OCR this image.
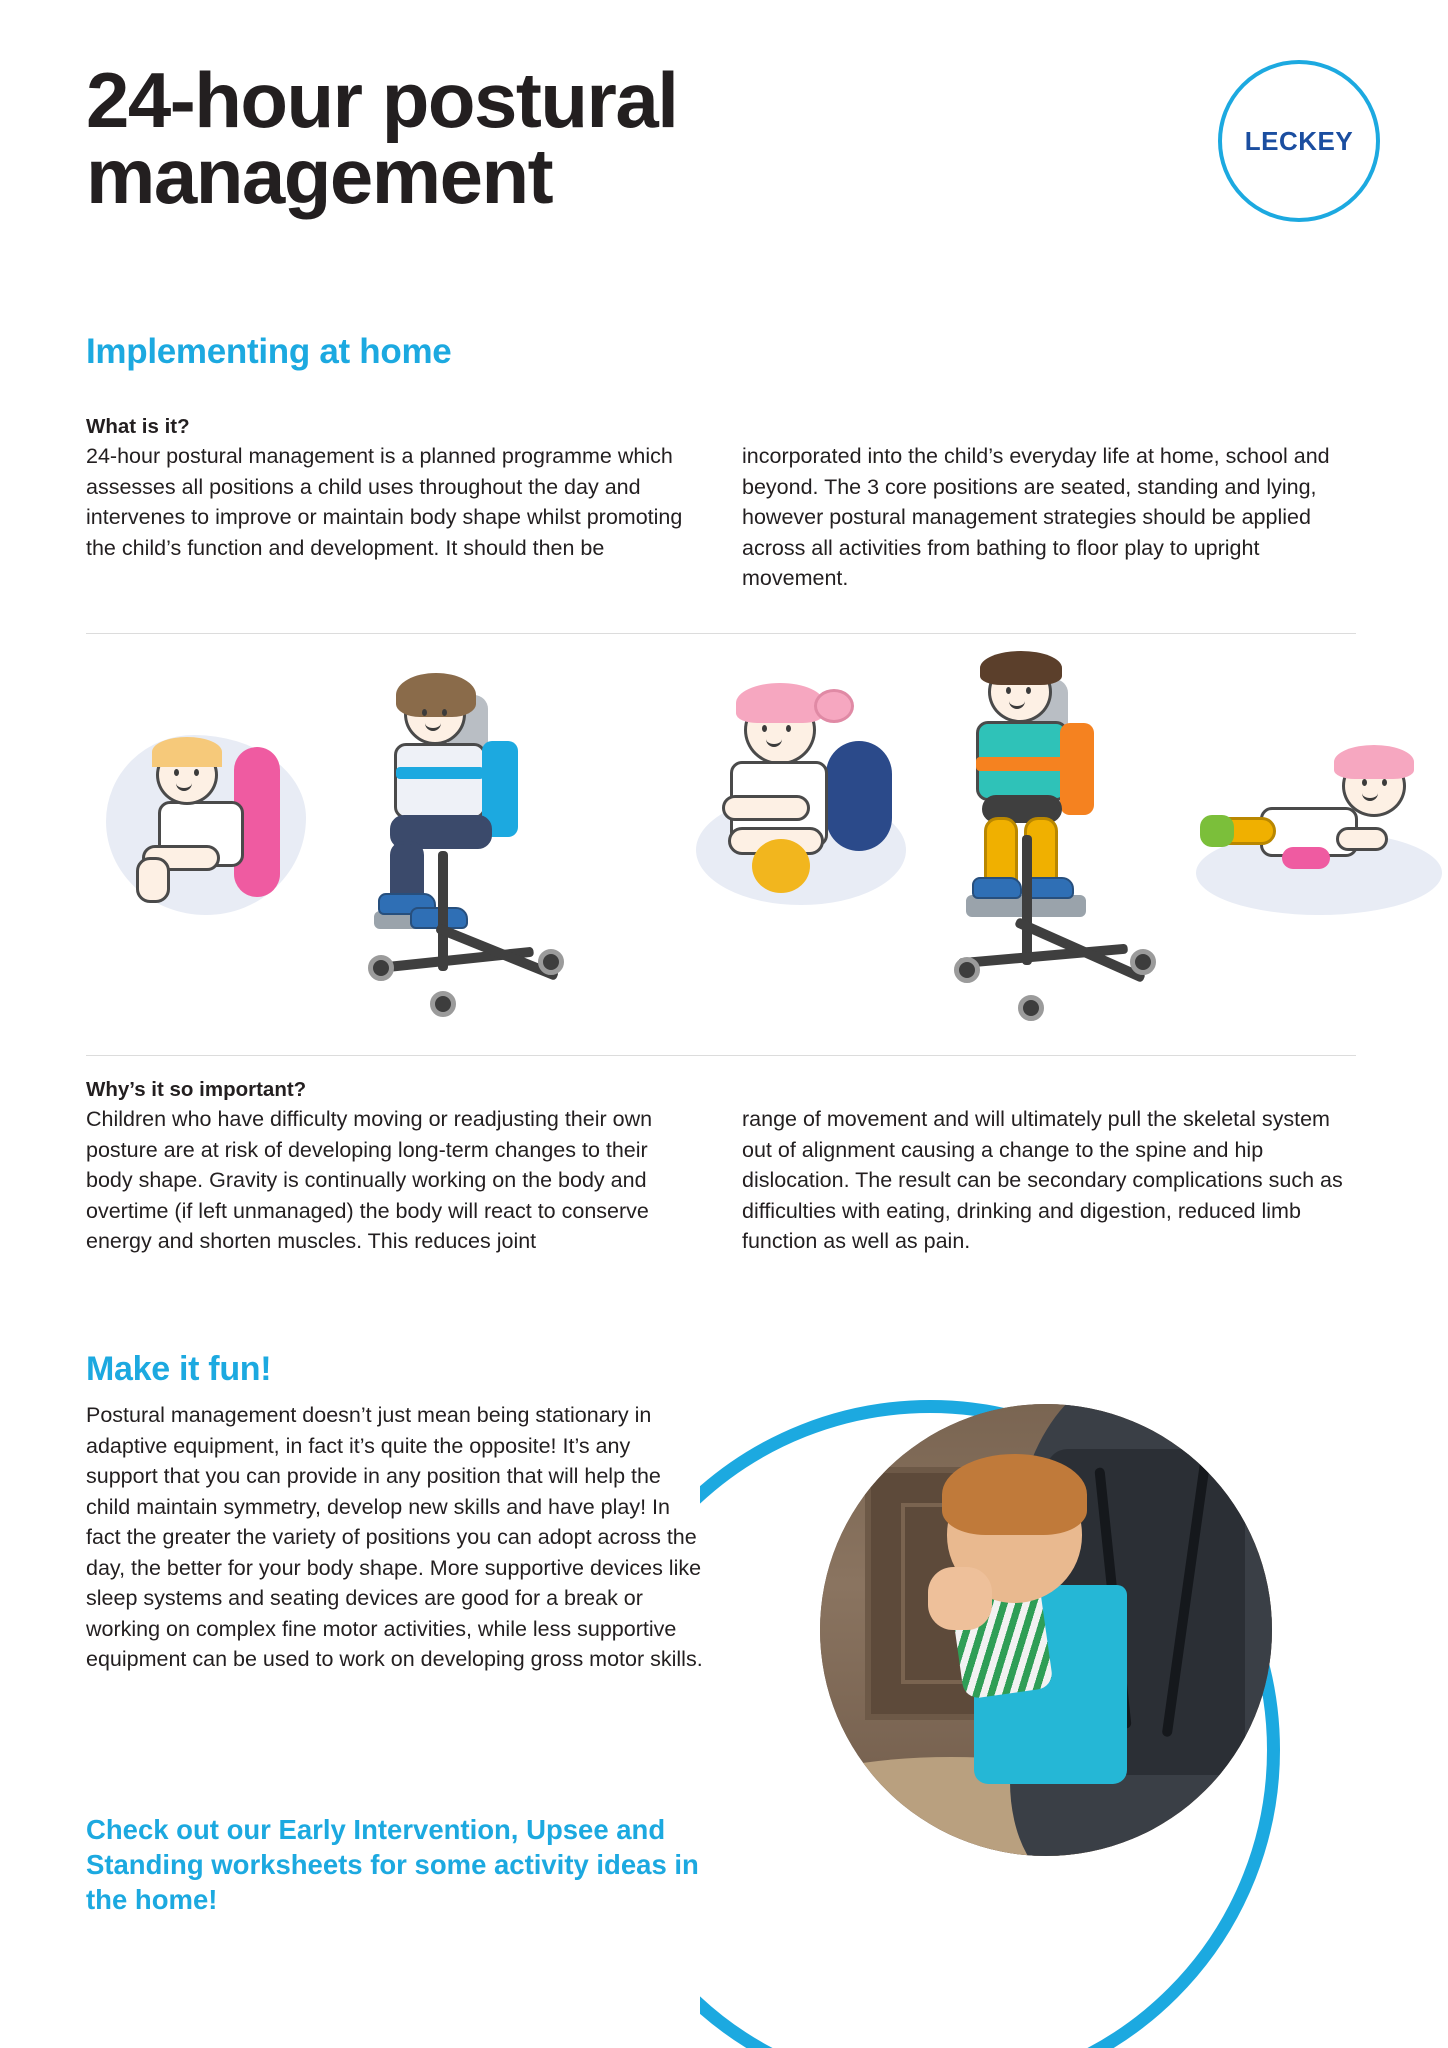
24-hour postural management	LECKEY
Implementing at home
What is it?
24-hour postural management is a planned programme which assesses all positions a child uses throughout the day and intervenes to improve or maintain body shape whilst promoting the child’s function and development. It should then be
incorporated into the child’s everyday life at home, school and beyond. The 3 core positions are seated, standing and lying, however postural management strategies should be applied across all activities from bathing to floor play to upright movement.
Why’s it so important?
Children who have difficulty moving or readjusting their own posture are at risk of developing long-term changes to their body shape. Gravity is continually working on the body and overtime (if left unmanaged) the body will react to conserve energy and shorten muscles. This reduces joint
range of movement and will ultimately pull the skeletal system out of alignment causing a change to the spine and hip dislocation. The result can be secondary complications such as difficulties with eating, drinking and digestion, reduced limb function as well as pain.
Make it fun!
Postural management doesn’t just mean being stationary in adaptive equipment, in fact it’s quite the opposite! It’s any support that you can provide in any position that will help the child maintain symmetry, develop new skills and have play! In fact the greater the variety of positions you can adopt across the day, the better for your body shape. More supportive devices like sleep systems and seating devices are good for a break or working on complex fine motor activities, while less supportive equipment can be used to work on developing gross motor skills.
Check out our Early Intervention, Upsee and Standing worksheets for some activity ideas in the home!
